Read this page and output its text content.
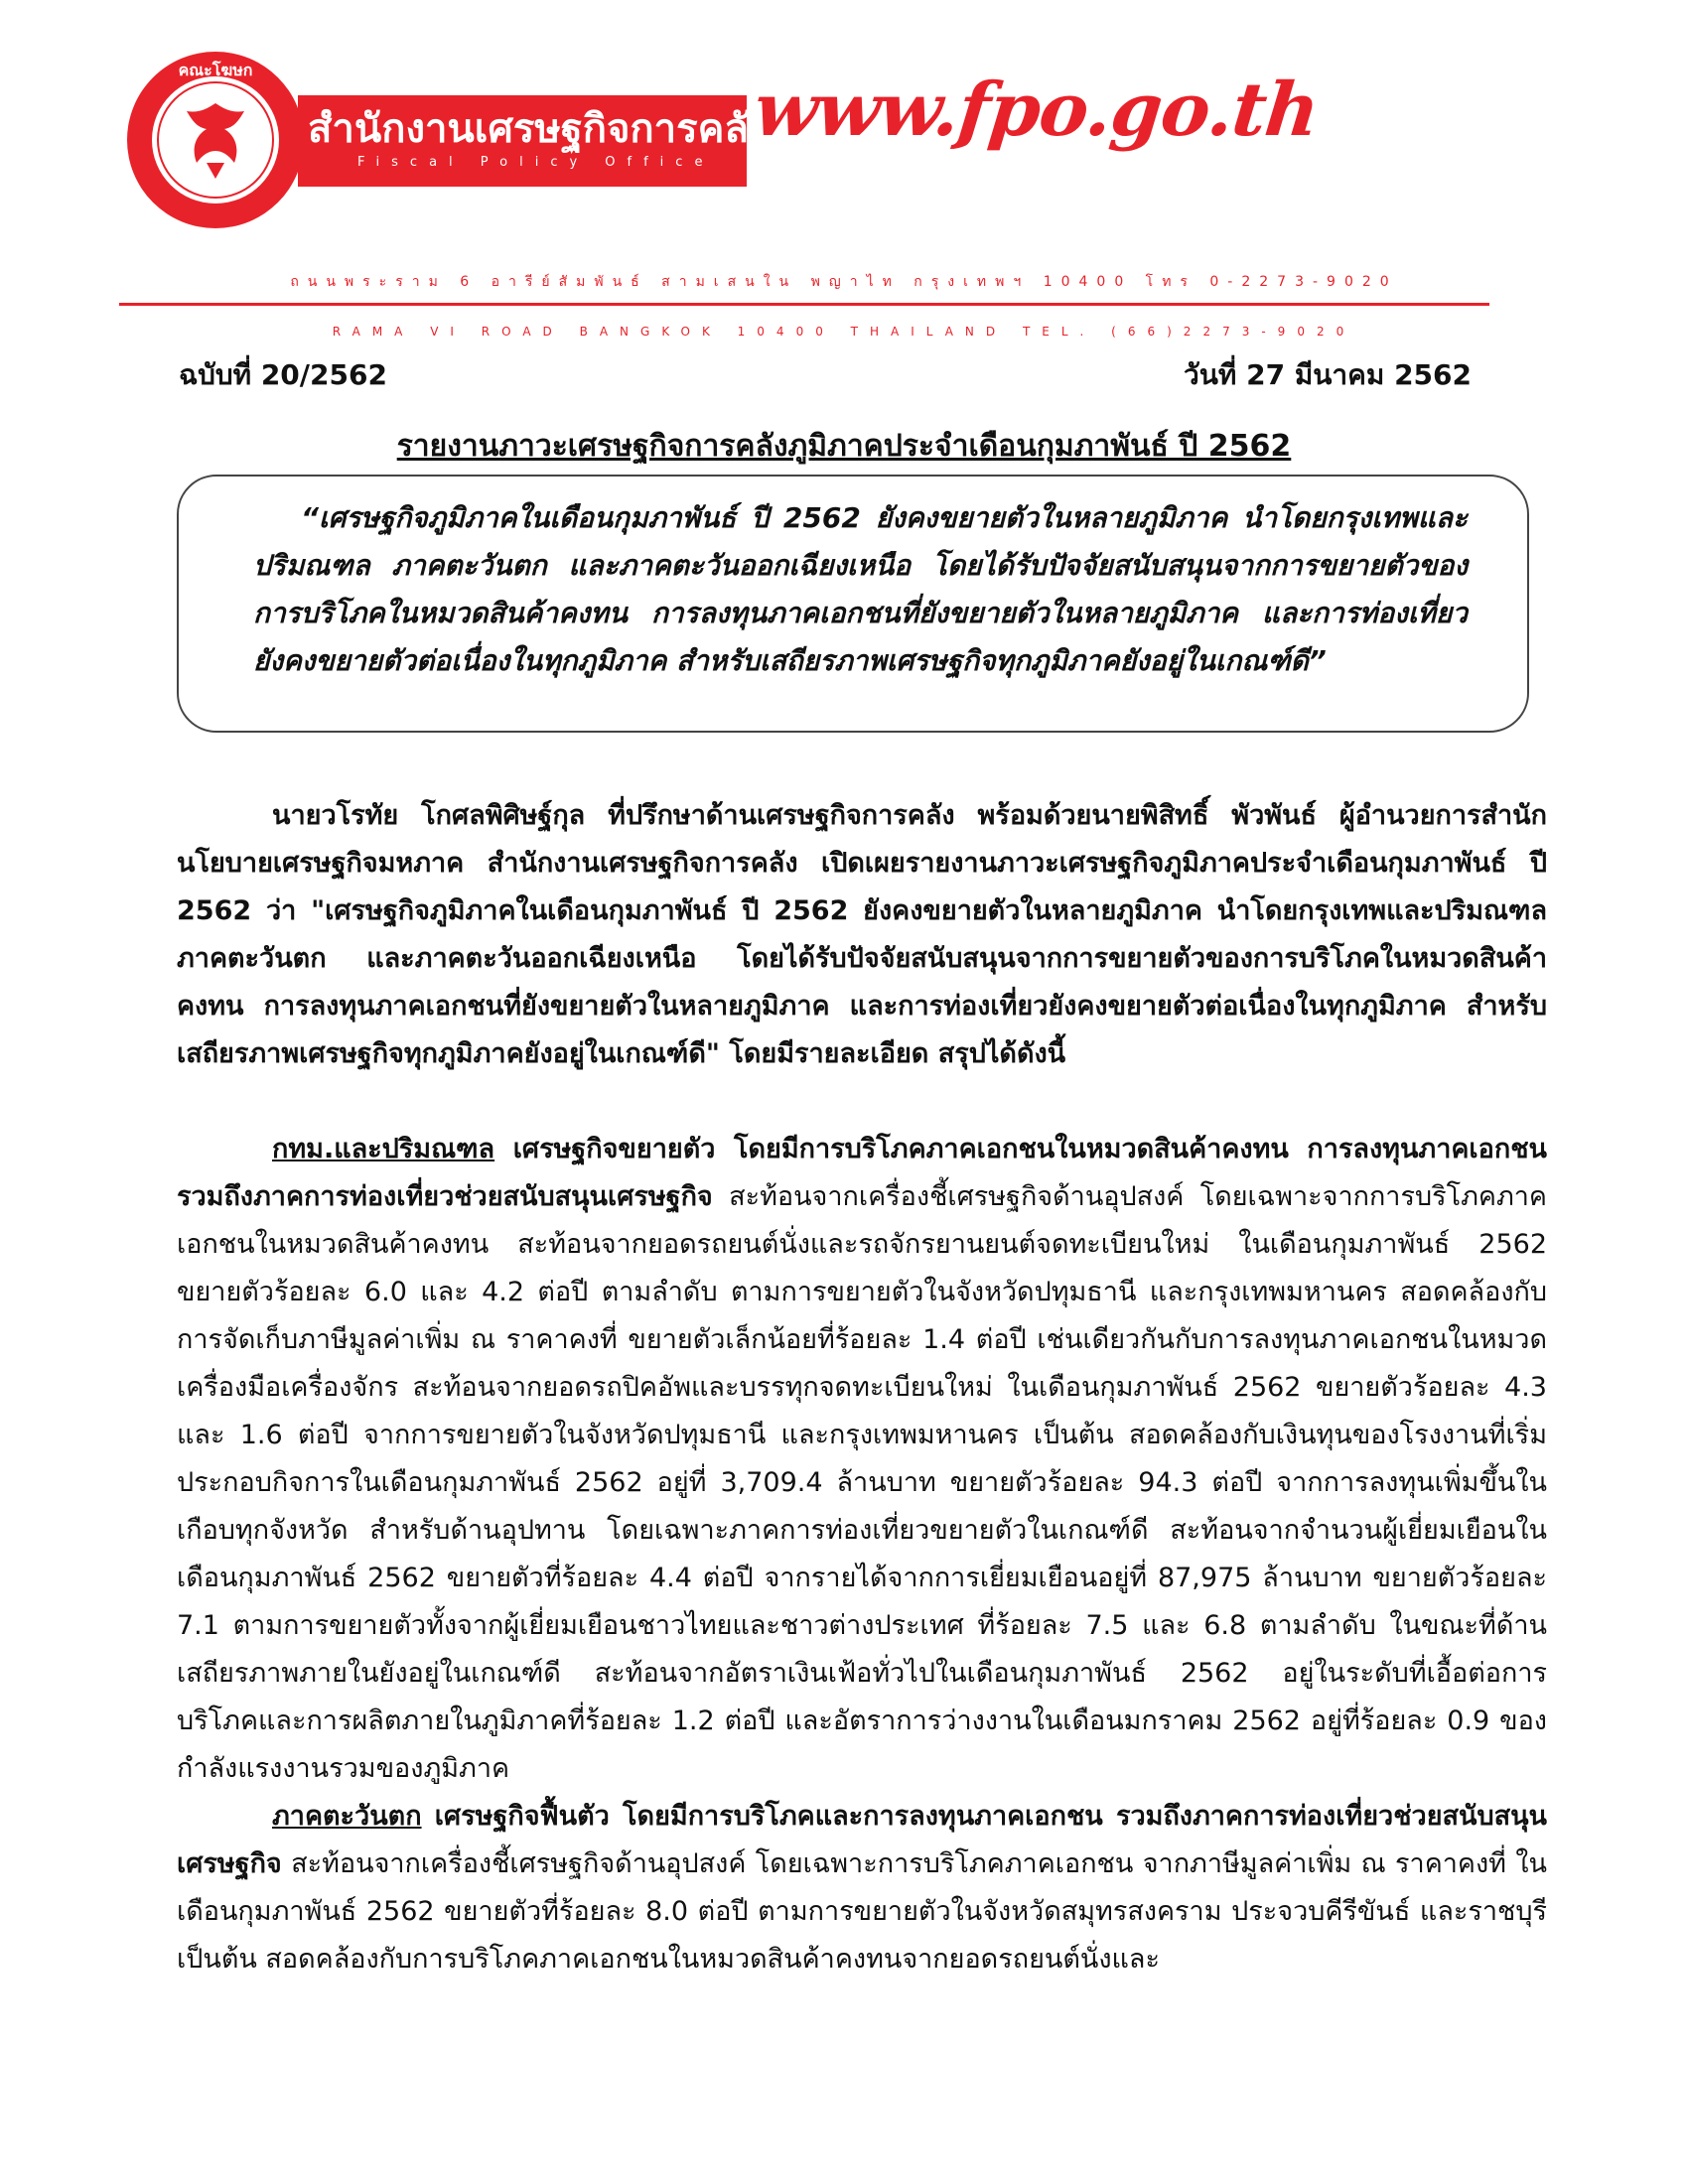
คณะโฆษก
สำนักงานเศรษฐกิจการคลัง
Fiscal Policy Office
www.fpo.go.th
ถนนพระราม 6 อารีย์สัมพันธ์ สามเสนใน พญาไท กรุงเทพฯ 10400 โทร 0-2273-9020
RAMA VI ROAD BANGKOK 10400 THAILAND TEL. (66)2273-9020
ฉบับที่ 20/2562	วันที่ 27 มีนาคม 2562
รายงานภาวะเศรษฐกิจการคลังภูมิภาคประจำเดือนกุมภาพันธ์ ปี 2562

“เศรษฐกิจภูมิภาคในเดือนกุมภาพันธ์ ปี 2562 ยังคงขยายตัวในหลายภูมิภาค นำโดยกรุงเทพและปริมณฑล ภาคตะวันตก และภาคตะวันออกเฉียงเหนือ โดยได้รับปัจจัยสนับสนุนจากการขยายตัวของการบริโภคในหมวดสินค้าคงทน การลงทุนภาคเอกชนที่ยังขยายตัวในหลายภูมิภาค และการท่องเที่ยวยังคงขยายตัวต่อเนื่องในทุกภูมิภาค สำหรับเสถียรภาพเศรษฐกิจทุกภูมิภาคยังอยู่ในเกณฑ์ดี”

นายวโรทัย โกศลพิศิษฐ์กุล ที่ปรึกษาด้านเศรษฐกิจการคลัง พร้อมด้วยนายพิสิทธิ์ พัวพันธ์ ผู้อำนวยการสำนักนโยบายเศรษฐกิจมหภาค สำนักงานเศรษฐกิจการคลัง เปิดเผยรายงานภาวะเศรษฐกิจภูมิภาคประจำเดือนกุมภาพันธ์ ปี 2562 ว่า "เศรษฐกิจภูมิภาคในเดือนกุมภาพันธ์ ปี 2562 ยังคงขยายตัวในหลายภูมิภาค นำโดยกรุงเทพและปริมณฑล ภาคตะวันตก และภาคตะวันออกเฉียงเหนือ โดยได้รับปัจจัยสนับสนุนจากการขยายตัวของการบริโภคในหมวดสินค้าคงทน การลงทุนภาคเอกชนที่ยังขยายตัวในหลายภูมิภาค และการท่องเที่ยวยังคงขยายตัวต่อเนื่องในทุกภูมิภาค สำหรับเสถียรภาพเศรษฐกิจทุกภูมิภาคยังอยู่ในเกณฑ์ดี" โดยมีรายละเอียด สรุปได้ดังนี้

กทม.และปริมณฑล เศรษฐกิจขยายตัว โดยมีการบริโภคภาคเอกชนในหมวดสินค้าคงทน การลงทุนภาคเอกชน รวมถึงภาคการท่องเที่ยวช่วยสนับสนุนเศรษฐกิจ สะท้อนจากเครื่องชี้เศรษฐกิจด้านอุปสงค์ โดยเฉพาะจากการบริโภคภาคเอกชนในหมวดสินค้าคงทน สะท้อนจากยอดรถยนต์นั่งและรถจักรยานยนต์จดทะเบียนใหม่ ในเดือนกุมภาพันธ์ 2562 ขยายตัวร้อยละ 6.0 และ 4.2 ต่อปี ตามลำดับ ตามการขยายตัวในจังหวัดปทุมธานี และกรุงเทพมหานคร สอดคล้องกับการจัดเก็บภาษีมูลค่าเพิ่ม ณ ราคาคงที่ ขยายตัวเล็กน้อยที่ร้อยละ 1.4 ต่อปี เช่นเดียวกันกับการลงทุนภาคเอกชนในหมวดเครื่องมือเครื่องจักร สะท้อนจากยอดรถปิคอัพและบรรทุกจดทะเบียนใหม่ ในเดือนกุมภาพันธ์ 2562 ขยายตัวร้อยละ 4.3 และ 1.6 ต่อปี จากการขยายตัวในจังหวัดปทุมธานี และกรุงเทพมหานคร เป็นต้น สอดคล้องกับเงินทุนของโรงงานที่เริ่มประกอบกิจการในเดือนกุมภาพันธ์ 2562 อยู่ที่ 3,709.4 ล้านบาท ขยายตัวร้อยละ 94.3 ต่อปี จากการลงทุนเพิ่มขึ้นในเกือบทุกจังหวัด สำหรับด้านอุปทาน โดยเฉพาะภาคการท่องเที่ยวขยายตัวในเกณฑ์ดี สะท้อนจากจำนวนผู้เยี่ยมเยือนในเดือนกุมภาพันธ์ 2562 ขยายตัวที่ร้อยละ 4.4 ต่อปี จากรายได้จากการเยี่ยมเยือนอยู่ที่ 87,975 ล้านบาท ขยายตัวร้อยละ 7.1 ตามการขยายตัวทั้งจากผู้เยี่ยมเยือนชาวไทยและชาวต่างประเทศ ที่ร้อยละ 7.5 และ 6.8 ตามลำดับ ในขณะที่ด้านเสถียรภาพภายในยังอยู่ในเกณฑ์ดี สะท้อนจากอัตราเงินเฟ้อทั่วไปในเดือนกุมภาพันธ์ 2562 อยู่ในระดับที่เอื้อต่อการบริโภคและการผลิตภายในภูมิภาคที่ร้อยละ 1.2 ต่อปี และอัตราการว่างงานในเดือนมกราคม 2562 อยู่ที่ร้อยละ 0.9 ของกำลังแรงงานรวมของภูมิภาค

ภาคตะวันตก เศรษฐกิจฟื้นตัว โดยมีการบริโภคและการลงทุนภาคเอกชน รวมถึงภาคการท่องเที่ยวช่วยสนับสนุนเศรษฐกิจ สะท้อนจากเครื่องชี้เศรษฐกิจด้านอุปสงค์ โดยเฉพาะการบริโภคภาคเอกชน จากภาษีมูลค่าเพิ่ม ณ ราคาคงที่ ในเดือนกุมภาพันธ์ 2562 ขยายตัวที่ร้อยละ 8.0 ต่อปี ตามการขยายตัวในจังหวัดสมุทรสงคราม ประจวบคีรีขันธ์ และราชบุรี เป็นต้น สอดคล้องกับการบริโภคภาคเอกชนในหมวดสินค้าคงทนจากยอดรถยนต์นั่งและ
